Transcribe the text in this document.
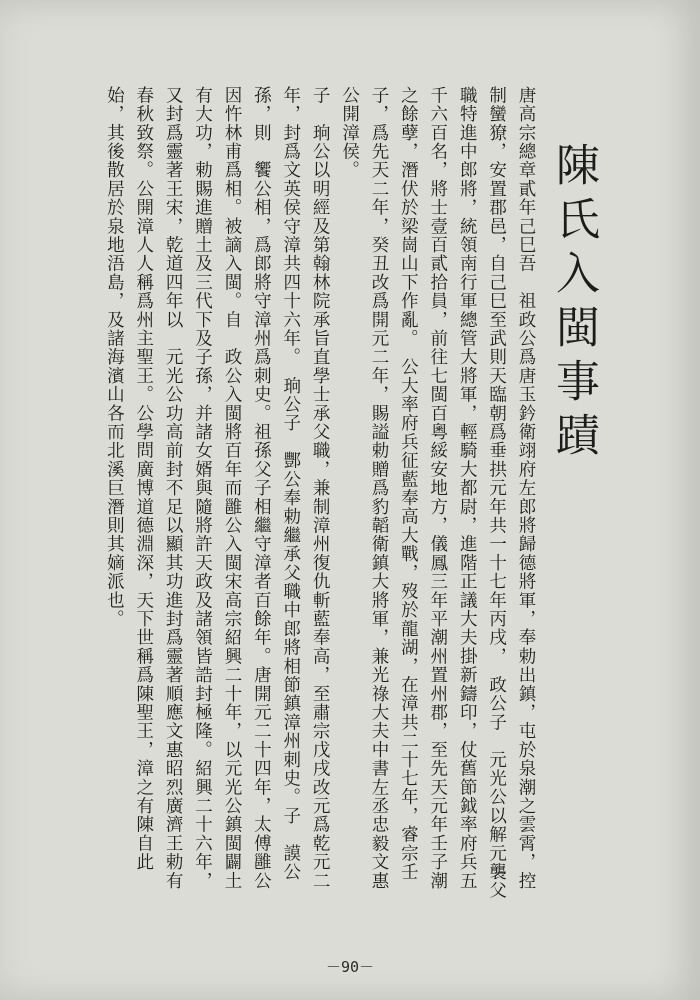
陳氏入閩事蹟

唐高宗總章貳年己巳吾　祖政公爲唐玉鈐衛翊府左郎將歸德將軍，奉勅出鎮，屯於泉潮之雲霄，控制蠻獠，安置郡邑，自己巳至武則天臨朝爲垂拱元年共一十七年丙戌，　政公子　元光公以解元襲父職特進中郎將，統領南行軍總管大將軍，輕騎大都尉，進階正議大夫掛新鑄印，仗舊節鉞率府兵五千六百名，將士壹百貳拾員，前往七閩百粵綏安地方，儀鳳三年平潮州置州郡，至先天元年壬子潮之餘孽，潛伏於梁崗山下作亂。　公大率府兵征藍奉高大戰，歿於龍湖，在漳共二十七年，睿宗壬子，爲先天二年，癸丑改爲開元二年，賜謚勅贈爲豹韜衛鎮大將軍，兼光祿大夫中書左丞忠毅文惠公開漳侯。

子　珦公以明經及第翰林院承旨直學士承父職，兼制漳州復仇斬藍奉高，至肅宗戊戌改元爲乾元二年，封爲文英侯守漳共四十六年。　珦公子　酆公奉勅繼承父職中郎將相節鎮漳州刺史。子　謨公孫，則　饗公相，爲郎將守漳州爲刺史。祖孫父子相繼守漳者百餘年。唐開元二十四年，太傅雝公因忤林甫爲相。被謫入閩。自　政公入閩將百年而雝公入閩宋高宗紹興二十年，以元光公鎮閩闢土有大功，勅賜進贈土及三代下及子孫，并諸女婿與隨將許天政及諸領皆誥封極隆。紹興二十六年，又封爲靈著王宋，乾道四年以　元光公功高前封不足以顯其功進封爲靈著順應文惠昭烈廣濟王勅有春秋致祭。公開漳人人稱爲州主聖王。公學問廣博道德淵深，天下世稱爲陳聖王，漳之有陳自此始，其後散居於泉地浯島，及諸海濱山各而北溪巨潛則其嫡派也。

－90－
